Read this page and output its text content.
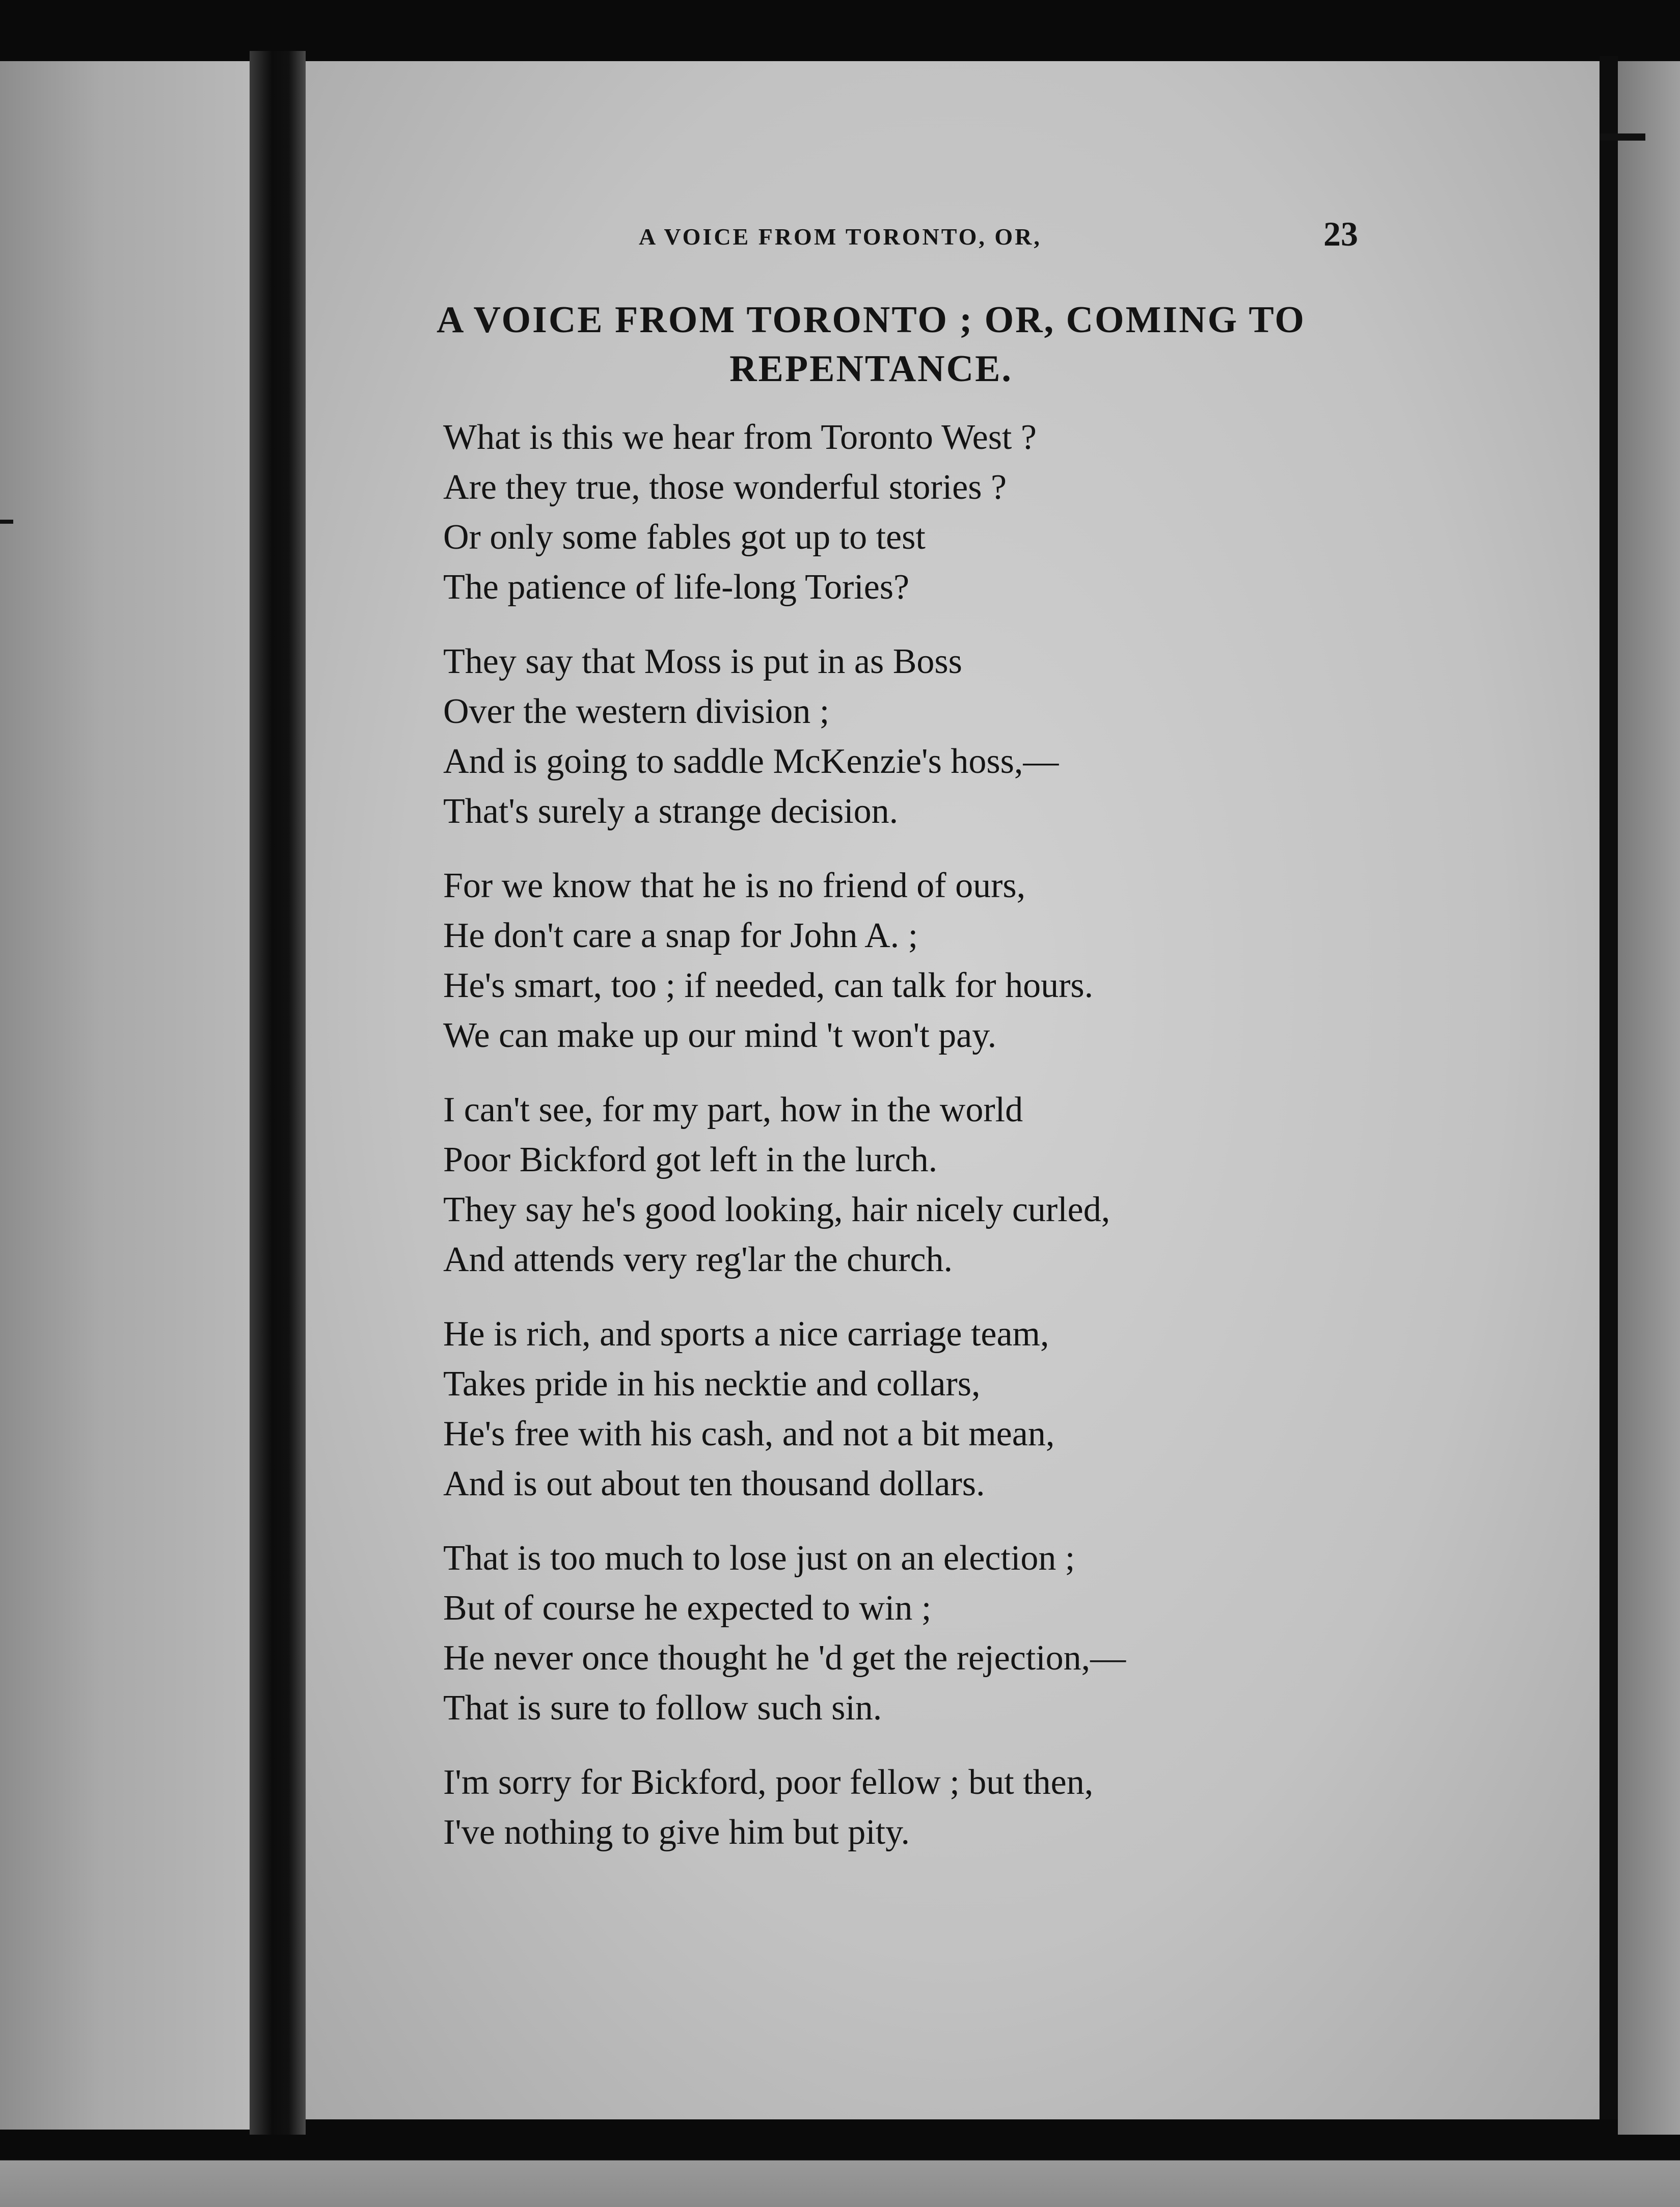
A VOICE FROM TORONTO, OR,	23
A VOICE FROM TORONTO ; OR, COMING TO
REPENTANCE.
What is this we hear from Toronto West ?
Are they true, those wonderful stories ?
Or only some fables got up to test
The patience of life-long Tories?
They say that Moss is put in as Boss
Over the western division ;
And is going to saddle McKenzie's hoss,—
That's surely a strange decision.
For we know that he is no friend of ours,
He don't care a snap for John A. ;
He's smart, too ; if needed, can talk for hours.
We can make up our mind 't won't pay.
I can't see, for my part, how in the world
Poor Bickford got left in the lurch.
They say he's good looking, hair nicely curled,
And attends very reg'lar the church.
He is rich, and sports a nice carriage team,
Takes pride in his necktie and collars,
He's free with his cash, and not a bit mean,
And is out about ten thousand dollars.
That is too much to lose just on an election ;
But of course he expected to win ;
He never once thought he 'd get the rejection,—
That is sure to follow such sin.
I'm sorry for Bickford, poor fellow ; but then,
I've nothing to give him but pity.
